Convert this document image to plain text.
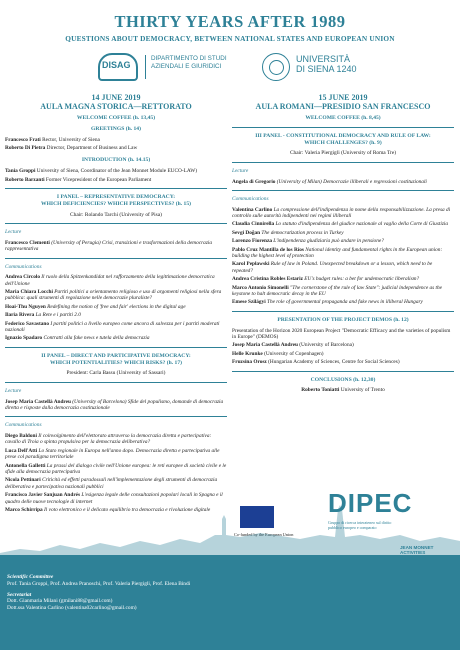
THIRTY YEARS AFTER 1989
QUESTIONS ABOUT DEMOCRACY, BETWEEN NATIONAL STATES AND EUROPEAN UNION
DISAG
DIPARTIMENTO DI STUDI
AZIENDALI E GIURIDICI
UNIVERSITÀ
DI SIENA 1240
14 JUNE 2019
AULA MAGNA STORICA—RETTORATO
WELCOME COFFEE (h. 13,45)
GREETINGS (h. 14)
Francesco Frati Rector, University of Siena
Roberto Di Pietra Director, Department of Business and Law
INTRODUCTION (h. 14.15)
Tania Groppi University of Siena, Coordinator of the Jean Monnet Module EUCO-LAW)
Roberto Barzanti Former Vicepresident of the European Parliament
I PANEL – REPRESENTATIVE DEMOCRACY:
WHICH DEFICIENCIES? WHICH PERSPECTIVES? (h. 15)
Chair: Rolando Tarchi (University of Pisa)
Lecture
Francesco Clementi (University of Perugia) Crisi, transizioni e trasformazioni della democrazia rappresentativa
Communications
Andrea Circolo Il ruolo della Spitzenkandidat nel rafforzamento della legittimazione democratica dell'Unione
Maria Chiara Locchi Partiti politici a orientamento religioso e uso di argomenti religiosi nella sfera pubblica: quali strumenti di regolazione nelle democrazie pluraliste?
Hoai-Thu Nguyen Redefining the notion of 'free and fair' elections in the digital age
Ilaria Rivera La Rete e i partiti 2.0
Federico Savastano I partiti politici a livello europeo come ancora di salvezza per i partiti moderati nazionali
Ignazio Spadaro Contratti alla fake news e tutela della democrazia
II PANEL – DIRECT AND PARTICIPATIVE DEMOCRACY:
WHICH POTENTIALITIES? WHICH RISKS? (h. 17)
President: Carla Bassu (University of Sassari)
Lecture
Josep Maria Castellà Andreu (University of Barcelona) Sfide del populismo, domande di democrazia diretta e risposte dalla democrazia costituzionale
Communications
Diego Baldoni Il coinvolgimento dell'elettorato attraverso la democrazia diretta e partecipativa: cavallo di Troia o spinta propulsiva per la democrazia deliberativa?
Luca Dell'Atti Lo Stato regionale in Europa nell'anno dopo. Democrazia diretta e partecipativa alle prese col paradigma territoriale
Antonella Galletti La prassi del dialogo civile nell'Unione europea: le reti europee di società civile e le sfide alla democrazia partecipativa
Nicola Pettinari Criticità ed effetti paradossali nell'implementazione degli strumenti di democrazia deliberativa e partecipativa nazionali pubblici
Francisco Javier Sanjuan Andrés L'esigenza legale delle consultazioni popolari locali in Spagna e il quadro delle nuove tecnologie di internet
Marco Schirripa Il voto elettronico e il delicato equilibrio tra democrazia e rivoluzione digitale
15 JUNE 2019
AULA ROMANI—PRESIDIO SAN FRANCESCO
WELCOME COFFEE (h. 8,45)
III PANEL - CONSTITUTIONAL DEMOCRACY AND RULE OF LAW:
WHICH CHALLENGES? (h. 9)
Chair: Valeria Piergigli (University of Roma Tre)
Lecture
Angela di Gregorio (University of Milan) Democrazie illiberali e regressioni costituzionali
Communications
Valentina Carlino La compressione dell'indipendenza in nome della responsabilizzazione. La presa di controllo sulle autorità indipendenti nei regimi illiberali
Claudia Cinnirella Lo statuto d'indipendenza del giudice nazionale al vaglio della Corte di Giustizia
Sevgi Doğan The democratization process in Turkey
Lorenzo Fiorenza L'indipendenza giudiziaria può andare in pensione?
Pablo Cruz Mantilla de los Ríos National identity and fundamental rights in the European union: building the highest level of protection
Karol Pepławski Rule of law in Poland. Unexpected breakdown or a lesson, which need to be repeated?
Andrea Cristina Robles Estariz EU's budget rules: a bet for undemocratic liberalism?
Marco Antonio Simonelli "The cornerstone of the rule of law State": judicial independence as the keystone to halt democratic decay in the EU
Emese Szilágyi The role of governmental propaganda and fake news in illiberal Hungary
PRESENTATION OF THE PROJECT DEMOS (h. 12)
Presentation of the Horizon 2020 European Project "Democratic Efficacy and the varieties of populism in Europe" (DEMOS)
Josep Maria Castellà Andreu (University of Barcelona)
Helle Krunke (University of Copenhagen)
Fruzsina Orosz (Hungarian Academy of Sciences, Centre for Social Sciences)
CONCLUSIONS (h. 12,30)
Roberto Toniatti University of Trento
Co-funded by the European Union
DIPEC
Gruppo di ricerca interateneo sul diritto pubblico europeo e comparato
JEAN MONNET
ACTIVITIES

Scientific Committee
Prof. Tania Groppi, Prof. Andrea Pranoschi, Prof. Valeria Piergigli, Prof. Elena Bindi
Secretariat
Dott. Gianmaria Milani (gmilani88@gmail.com)
Dott.ssa Valentina Carlino (valentina02carlino@gmail.com)
